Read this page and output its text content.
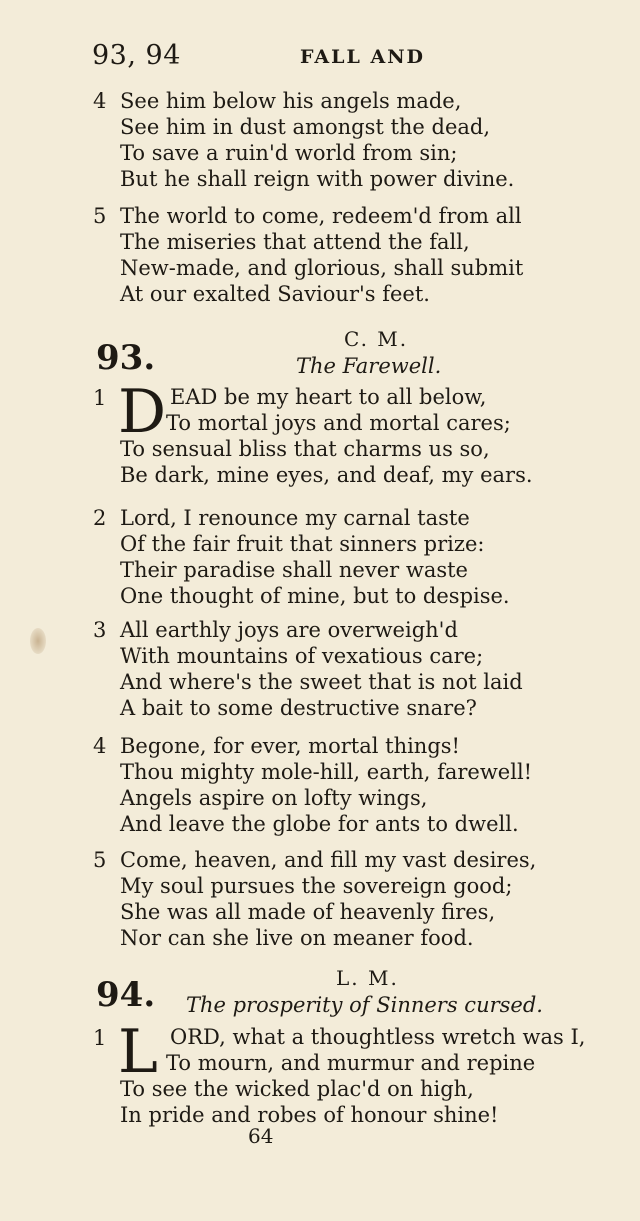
93, 94	FALL AND
4 See him below his angels made,
See him in dust amongst the dead,
To save a ruin'd world from sin;
But he shall reign with power divine.
5 The world to come, redeem'd from all
The miseries that attend the fall,
New-made, and glorious, shall submit
At our exalted Saviour's feet.
93.	C. M.
The Farewell.
1 D EAD be my heart to all below,
To mortal joys and mortal cares;
To sensual bliss that charms us so,
Be dark, mine eyes, and deaf, my ears.
2 Lord, I renounce my carnal taste
Of the fair fruit that sinners prize:
Their paradise shall never waste
One thought of mine, but to despise.
3 All earthly joys are overweigh'd
With mountains of vexatious care;
And where's the sweet that is not laid
A bait to some destructive snare?
4 Begone, for ever, mortal things!
Thou mighty mole-hill, earth, farewell!
Angels aspire on lofty wings,
And leave the globe for ants to dwell.
5 Come, heaven, and fill my vast desires,
My soul pursues the sovereign good;
She was all made of heavenly fires,
Nor can she live on meaner food.
94.	L. M.
The prosperity of Sinners cursed.
1 L ORD, what a thoughtless wretch was I,
To mourn, and murmur and repine
To see the wicked plac'd on high,
In pride and robes of honour shine!
64
